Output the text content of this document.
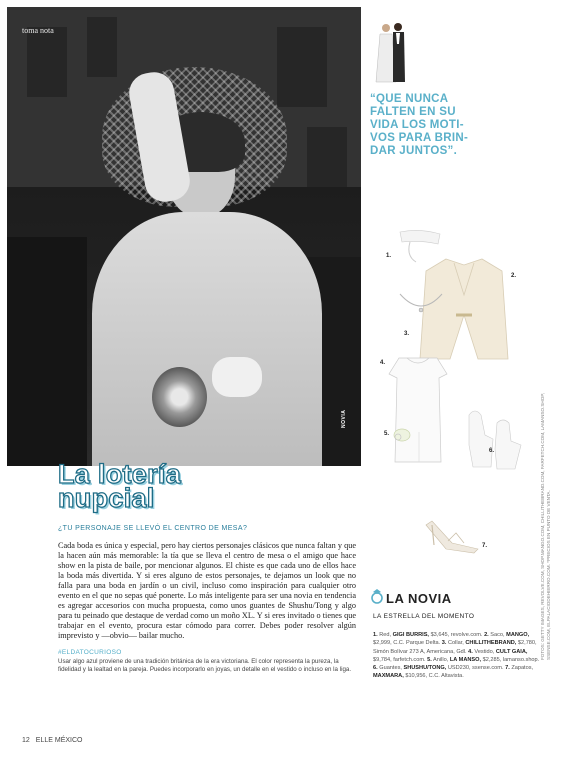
toma nota
NOVIA
La lotería
nupcial
¿TU PERSONAJE SE LLEVÓ EL CENTRO DE MESA?
Cada boda es única y especial, pero hay ciertos personajes clásicos que nunca faltan y que la hacen aún más memorable: la tía que se lleva el centro de mesa o el amigo que hace show en la pista de baile, por mencionar algunos. El chiste es que cada uno de ellos hace la boda más divertida. Y si eres alguno de estos personajes, te dejamos un look que no falla para una boda en jardín o un civil, incluso como inspiración para cualquier otro evento en el que no sepas qué ponerte. Lo más inteligente para ser una novia en tendencia es agregar accesorios con mucha propuesta, como unos guantes de Shushu/Tong y algo para tu peinado que destaque de verdad como un moño XL. Y si eres invitado o tienes que trabajar en el evento, procura estar cómodo para correr. Debes poder resolver algún imprevisto y —obvio— bailar mucho.
#ELDATOCURIOSO
Usar algo azul proviene de una tradición británica de la era victoriana. El color representa la pureza, la fidelidad y la lealtad en la pareja. Puedes incorporarlo en joyas, un detalle en el vestido o incluso en la liga.
“QUE NUNCA
FALTEN EN SU
VIDA LOS MOTI-
VOS PARA BRIN-
DAR JUNTOS”.
1.
2.
3.
4.
5.
6.
7.
LA NOVIA
LA ESTRELLA DEL MOMENTO
1. Red, GIGI BURRIS, $3,645, revolve.com. 2. Saco, MANGO, $2,999, C.C. Parque Delta. 3. Collar, CHILLITHEBRAND, $2,780, Simón Bolívar 273 A, Americana, Gdl. 4. Vestido, CULT GAIA, $9,784, farfetch.com. 5. Anillo, LA MANSO, $2,285, lamanso.shop. 6. Guantes, SHUSHU/TONG, USD230, ssense.com. 7. Zapatos, MAXMARA, $10,956, C.C. Altavista.
FOTOS: GETTY IMAGES, REVOLVE.COM, SHOP.MANGO.COM, CHILLITHEBRAND.COM, FARFETCH.COM, LAMANSO.SHOP, SSENSE.COM, ELPALACIODEHIERRO.COM. *PRECIOS EN PUNTO DE VENTA.
12 ELLE MÉXICO
